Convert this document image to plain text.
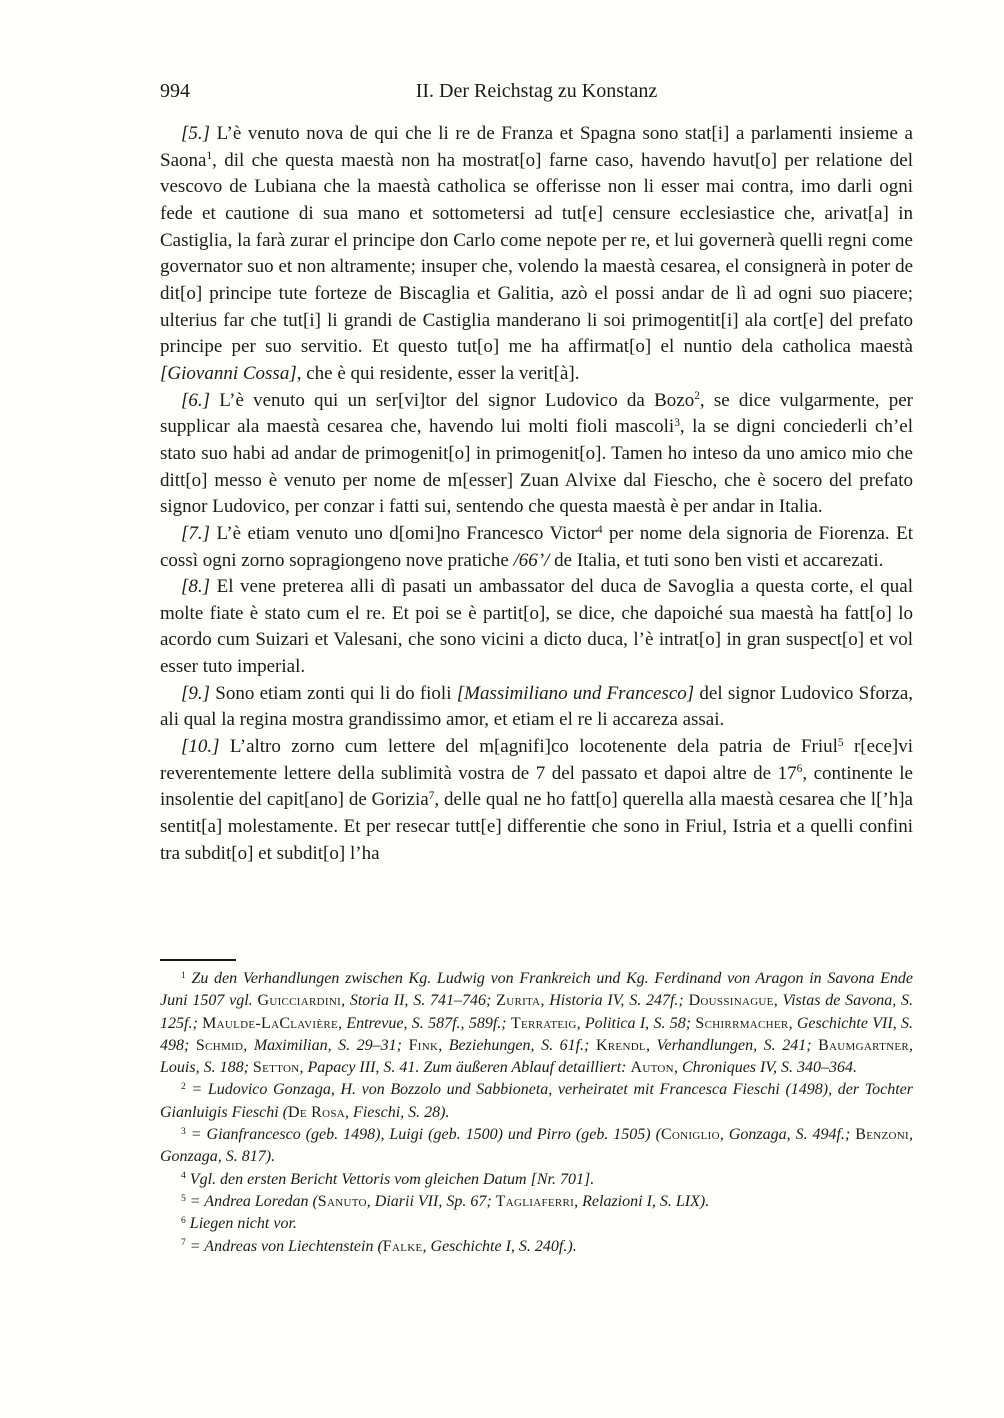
994	II. Der Reichstag zu Konstanz

[5.] L’è venuto nova de qui che li re de Franza et Spagna sono stat[i] a parlamenti insieme a Saona$^1$, dil che questa maestà non ha mostrat[o] farne caso, havendo havut[o] per relatione del vescovo de Lubiana che la maestà catholica se offerisse non li esser mai contra, imo darli ogni fede et cautione di sua mano et sottometersi ad tut[e] censure ecclesiastice che, arivat[a] in Castiglia, la farà zurar el principe don Carlo come nepote per re, et lui governerà quelli regni come governator suo et non altramente; insuper che, volendo la maestà cesarea, el consignerà in poter de dit[o] principe tute forteze de Biscaglia et Galitia, azò el possi andar de lì ad ogni suo piacere; ulterius far che tut[i] li grandi de Castiglia manderano li soi primogentit[i] ala cort[e] del prefato principe per suo servitio. Et questo tut[o] me ha affirmat[o] el nuntio dela catholica maestà [Giovanni Cossa], che è qui residente, esser la verit[à].

[6.] L’è venuto qui un ser[vi]tor del signor Ludovico da Bozo$^2$, se dice vulgarmente, per supplicar ala maestà cesarea che, havendo lui molti fioli mascoli$^3$, la se digni conciederli ch’el stato suo habi ad andar de primogenit[o] in primogenit[o]. Tamen ho inteso da uno amico mio che ditt[o] messo è venuto per nome de m[esser] Zuan Alvixe dal Fiescho, che è socero del prefato signor Ludovico, per conzar i fatti sui, sentendo che questa maestà è per andar in Italia.

[7.] L’è etiam venuto uno d[omi]no Francesco Victor$^4$ per nome dela signoria de Fiorenza. Et cossì ogni zorno sopragiongeno nove pratiche /66’/ de Italia, et tuti sono ben visti et accarezati.

[8.] El vene preterea alli dì pasati un ambassator del duca de Savoglia a questa corte, el qual molte fiate è stato cum el re. Et poi se è partit[o], se dice, che dapoiché sua maestà ha fatt[o] lo acordo cum Suizari et Valesani, che sono vicini a dicto duca, l’è intrat[o] in gran suspect[o] et vol esser tuto imperial.

[9.] Sono etiam zonti qui li do fioli [Massimiliano und Francesco] del signor Ludovico Sforza, ali qual la regina mostra grandissimo amor, et etiam el re li accareza assai.

[10.] L’altro zorno cum lettere del m[agnifi]co locotenente dela patria de Friul$^5$ r[ece]vi reverentemente lettere della sublimità vostra de 7 del passato et dapoi altre de $17^6$, continente le insolentie del capit[ano] de Gorizia$^7$, delle qual ne ho fatt[o] querella alla maestà cesarea che l[’h]a sentit[a] molestamente. Et per resecar tutt[e] differentie che sono in Friul, Istria et a quelli confini tra subdit[o] et subdit[o] l’ha

$^1$ Zu den Verhandlungen zwischen Kg. Ludwig von Frankreich und Kg. Ferdinand von Aragon in Savona Ende Juni 1507 vgl. Guicciardini, Storia II, S. 741–746; Zurita, Historia IV, S. 247f.; Doussinague, Vistas de Savona, S. 125f.; Maulde-LaClavière, Entrevue, S. 587f., 589f.; Terrateig, Politica I, S. 58; Schirrmacher, Geschichte VII, S. 498; Schmid, Maximilian, S. 29–31; Fink, Beziehungen, S. 61f.; Krendl, Verhandlungen, S. 241; Baumgartner, Louis, S. 188; Setton, Papacy III, S. 41. Zum äußeren Ablauf detailliert: Auton, Chroniques IV, S. 340–364.

$^2$ = Ludovico Gonzaga, H. von Bozzolo und Sabbioneta, verheiratet mit Francesca Fieschi (1498), der Tochter Gianluigis Fieschi (De Rosa, Fieschi, S. 28).

$^3$ = Gianfrancesco (geb. 1498), Luigi (geb. 1500) und Pirro (geb. 1505) (Coniglio, Gonzaga, S. 494f.; Benzoni, Gonzaga, S. 817).

$^4$ Vgl. den ersten Bericht Vettoris vom gleichen Datum [Nr. 701].

$^5$ = Andrea Loredan (Sanuto, Diarii VII, Sp. 67; Tagliaferri, Relazioni I, S. LIX).

$^6$ Liegen nicht vor.

$^7$ = Andreas von Liechtenstein (Falke, Geschichte I, S. 240f.).
